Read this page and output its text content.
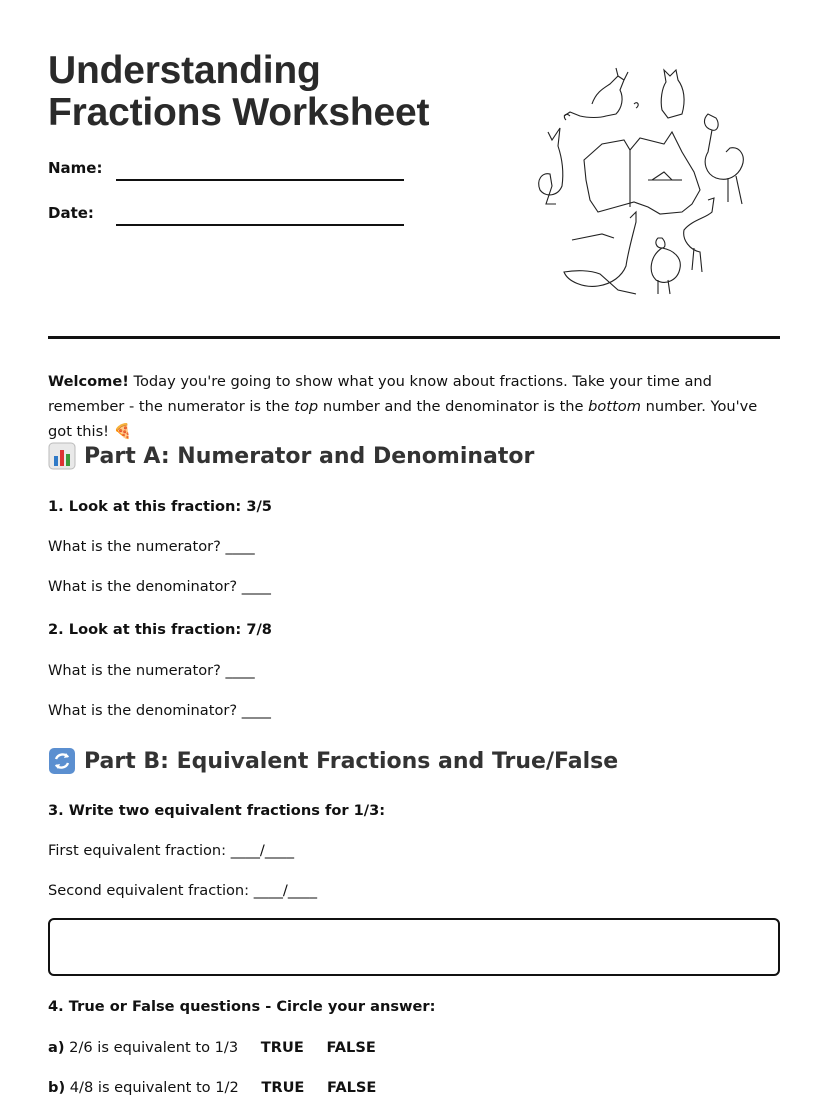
Understanding
Fractions Worksheet
Name:
Date:

Welcome! Today you're going to show what you know about fractions. Take your time and remember - the numerator is the top number and the denominator is the bottom number. You've got this! 🍕

Part A: Numerator and Denominator
1. Look at this fraction: 3/5
What is the numerator? ____
What is the denominator? ____
2. Look at this fraction: 7/8
What is the numerator? ____
What is the denominator? ____
Part B: Equivalent Fractions and True/False
3. Write two equivalent fractions for 1/3:
First equivalent fraction: ____/____
Second equivalent fraction: ____/____
4. True or False questions - Circle your answer:
a) 2/6 is equivalent to 1/3 TRUE FALSE
b) 4/8 is equivalent to 1/2 TRUE FALSE
